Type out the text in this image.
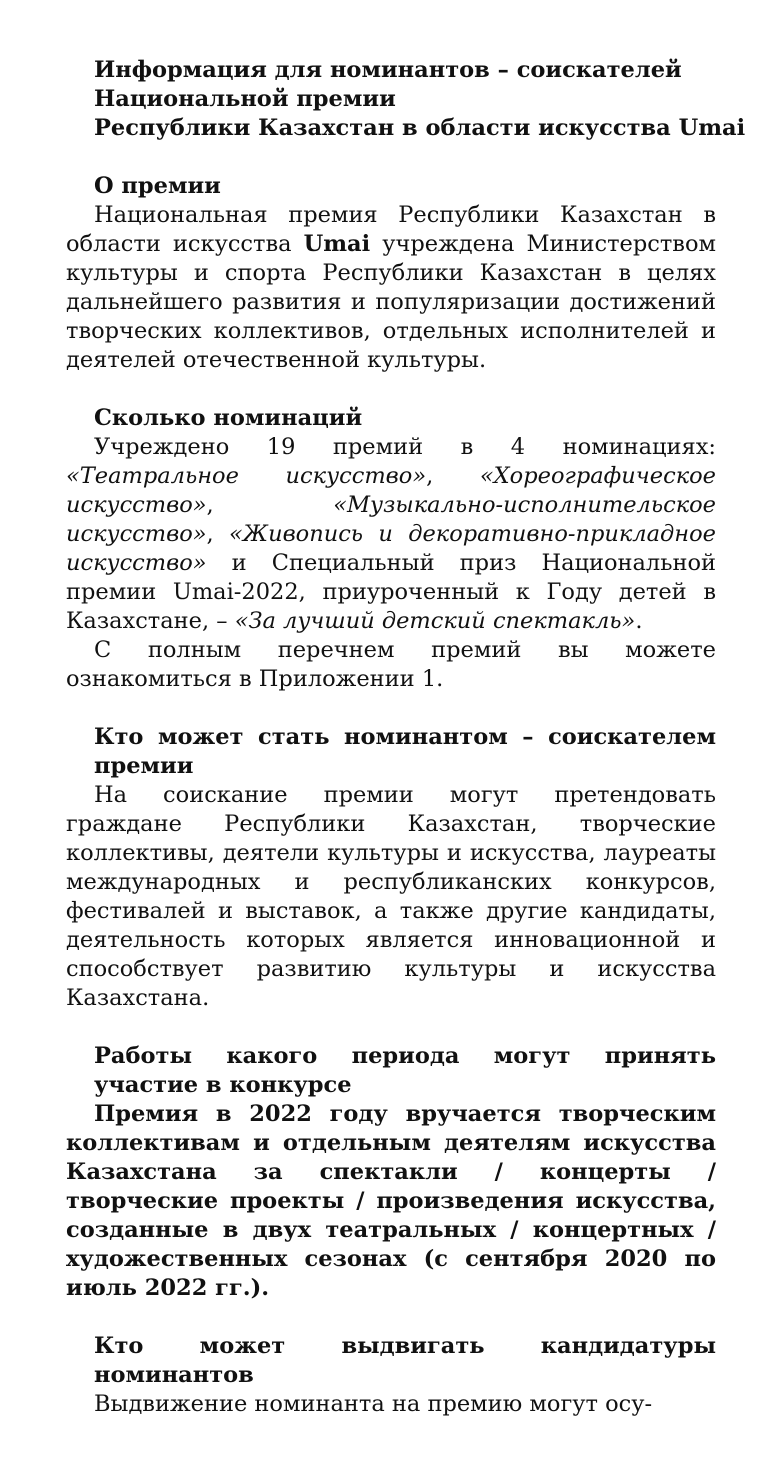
Информация для номинантов – соискателей
Национальной премии
Республики Казахстан в области искусства Umai

О премии

Национальная премия Республики Казахстан в области искусства Umai учреждена Министерством культуры и спорта Республики Казахстан в целях дальнейшего развития и популяризации достижений творческих коллективов, отдельных исполнителей и деятелей отечественной культуры.

Сколько номинаций

Учреждено 19 премий в 4 номинациях: «Театральное искусство», «Хореографическое искусство», «Музыкально-исполнительское искусство», «Живопись и декоративно-прикладное искусство» и Специальный приз Национальной премии Umai-2022, приуроченный к Году детей в Казахстане, – «За лучший детский спектакль».

С полным перечнем премий вы можете ознакомиться в Приложении 1.

Кто может стать номинантом – соискателем премии

На соискание премии могут претендовать граждане Республики Казахстан, творческие коллективы, деятели культуры и искусства, лауреаты международных и республиканских конкурсов, фестивалей и выставок, а также другие кандидаты, деятельность которых является инновационной и способствует развитию культуры и искусства Казахстана.

Работы какого периода могут принять участие в конкурсе

Премия в 2022 году вручается творческим коллективам и отдельным деятелям искусства Казахстана за спектакли / концерты / творческие проекты / произведения искусства, созданные в двух театральных / концертных / художественных сезонах (с сентября 2020 по июль 2022 гг.).

Кто может выдвигать кандидатуры номинантов

Выдвижение номинанта на премию могут осу-
